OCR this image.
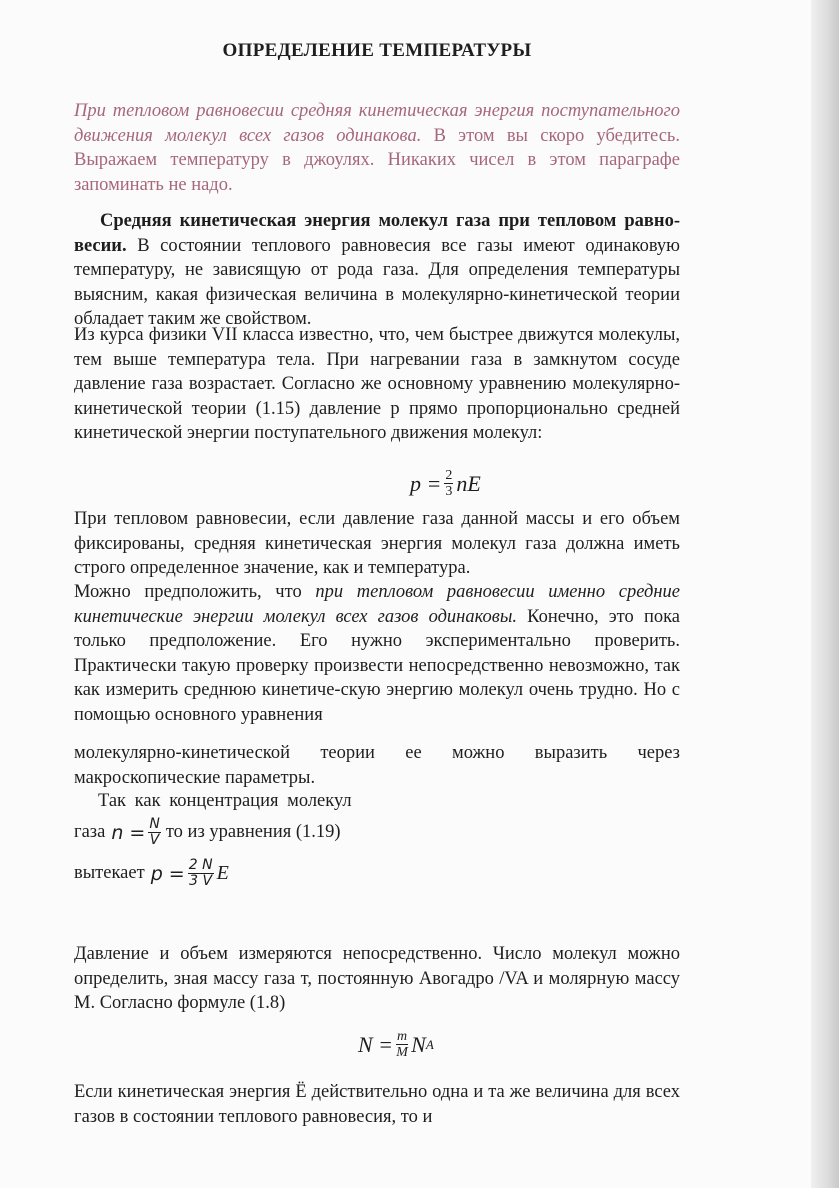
ОПРЕДЕЛЕНИЕ ТЕМПЕРАТУРЫ
При тепловом равновесии средняя кинетическая энергия поступательного движения молекул всех газов одинакова. В этом вы скоро убедитесь. Выражаем температуру в джоулях. Никаких чисел в этом параграфе запоминать не надо.

Средняя кинетическая энергия молекул газа при тепловом равно-весии. В состоянии теплового равновесия все газы имеют одинаковую температуру, не зависящую от рода газа. Для определения температуры выясним, какая физическая величина в молекулярно-кинетической теории обладает таким же свойством.

Из курса физики VII класса известно, что, чем быстрее движутся молекулы, тем выше температура тела. При нагревании газа в замкнутом сосуде давление газа возрастает. Согласно же основному уравнению молекулярно-кинетической теории (1.15) давление p прямо пропорционально средней кинетической энергии поступательного движения молекул:

$p = \frac{2}{3}$ nE

При тепловом равновесии, если давление газа данной массы и его объем фиксированы, средняя кинетическая энергия молекул газа должна иметь строго определенное значение, как и температура.

Можно предположить, что при тепловом равновесии именно средние кинетические энергии молекул всех газов одинаковы. Конечно, это пока только предположение. Его нужно экспериментально проверить. Практически такую проверку произвести непосредственно невозможно, так как измерить среднюю кинетиче-скую энергию молекул очень трудно. Но с помощью основного уравнения

молекулярно-кинетической теории ее можно выразить через макроскопические параметры.

Так как концентрация молекул

газа $n = \frac{N}{V}$ то из уравнения (1.19)
вытекает $p = \frac{2 N}{3 V}$ E

Давление и объем измеряются непосредственно. Число молекул можно определить, зная массу газа т, постоянную Авогадро /VA и молярную массу М. Согласно формуле (1.8)

$N = \frac{m}{M}$ N A

Если кинетическая энергия Ё действительно одна и та же величина для всех газов в состоянии теплового равновесия, то и
